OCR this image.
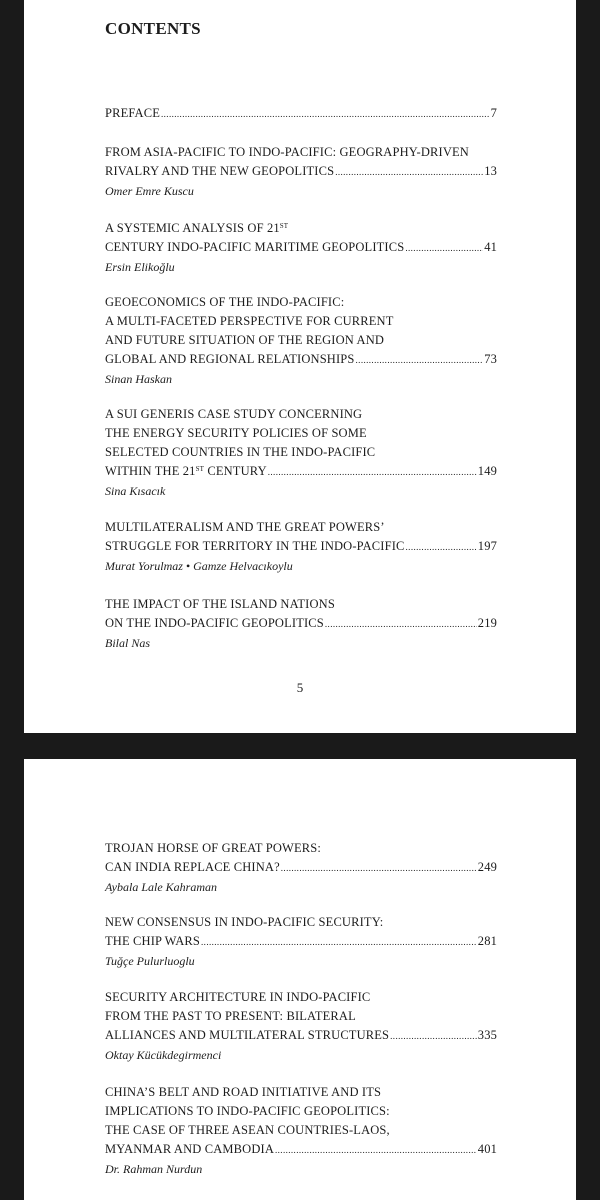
CONTENTS
PREFACE .....	7
FROM ASIA-PACIFIC TO INDO-PACIFIC: GEOGRAPHY-DRIVEN
RIVALRY AND THE NEW GEOPOLITICS .....	13
Omer Emre Kuscu
A SYSTEMIC ANALYSIS OF 21ST
CENTURY INDO-PACIFIC MARITIME GEOPOLITICS .....	41
Ersin Elikoğlu
GEOECONOMICS OF THE INDO-PACIFIC:
A MULTI-FACETED PERSPECTIVE FOR CURRENT
AND FUTURE SITUATION OF THE REGION AND
GLOBAL AND REGIONAL RELATIONSHIPS .....	73
Sinan Haskan
A SUI GENERIS CASE STUDY CONCERNING
THE ENERGY SECURITY POLICIES OF SOME
SELECTED COUNTRIES IN THE INDO-PACIFIC
WITHIN THE 21ST CENTURY .....	149
Sina Kısacık
MULTILATERALISM AND THE GREAT POWERS’
STRUGGLE FOR TERRITORY IN THE INDO-PACIFIC .....	197
Murat Yorulmaz • Gamze Helvacıkoylu
THE IMPACT OF THE ISLAND NATIONS
ON THE INDO-PACIFIC GEOPOLITICS .....	219
Bilal Nas
5
TROJAN HORSE OF GREAT POWERS:
CAN INDIA REPLACE CHINA? .....	249
Aybala Lale Kahraman
NEW CONSENSUS IN INDO-PACIFIC SECURITY:
THE CHIP WARS .....	281
Tuğçe Pulurluoglu
SECURITY ARCHITECTURE IN INDO-PACIFIC
FROM THE PAST TO PRESENT: BILATERAL
ALLIANCES AND MULTILATERAL STRUCTURES .....	335
Oktay Kücükdegirmenci
CHINA’S BELT AND ROAD INITIATIVE AND ITS
IMPLICATIONS TO INDO-PACIFIC GEOPOLITICS:
THE CASE OF THREE ASEAN COUNTRIES-LAOS,
MYANMAR AND CAMBODIA .....	401
Dr. Rahman Nurdun
